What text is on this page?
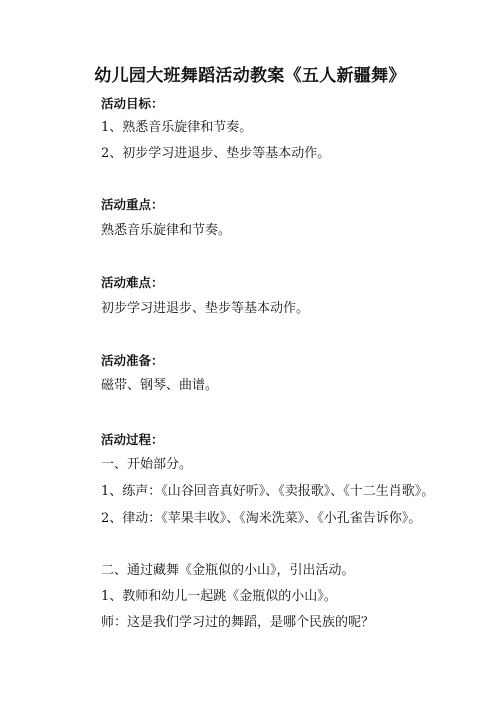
幼儿园大班舞蹈活动教案《五人新疆舞》
活动目标：
1、熟悉音乐旋律和节奏。
2、初步学习进退步、垫步等基本动作。
活动重点：
熟悉音乐旋律和节奏。
活动难点：
初步学习进退步、垫步等基本动作。
活动准备：
磁带、钢琴、曲谱。
活动过程：
一、开始部分。
1、练声：《山谷回音真好听》、《卖报歌》、《十二生肖歌》。
2、律动：《苹果丰收》、《淘米洗菜》、《小孔雀告诉你》。
二、通过藏舞《金瓶似的小山》，引出活动。
1、教师和幼儿一起跳《金瓶似的小山》。
师：这是我们学习过的舞蹈，是哪个民族的呢？
